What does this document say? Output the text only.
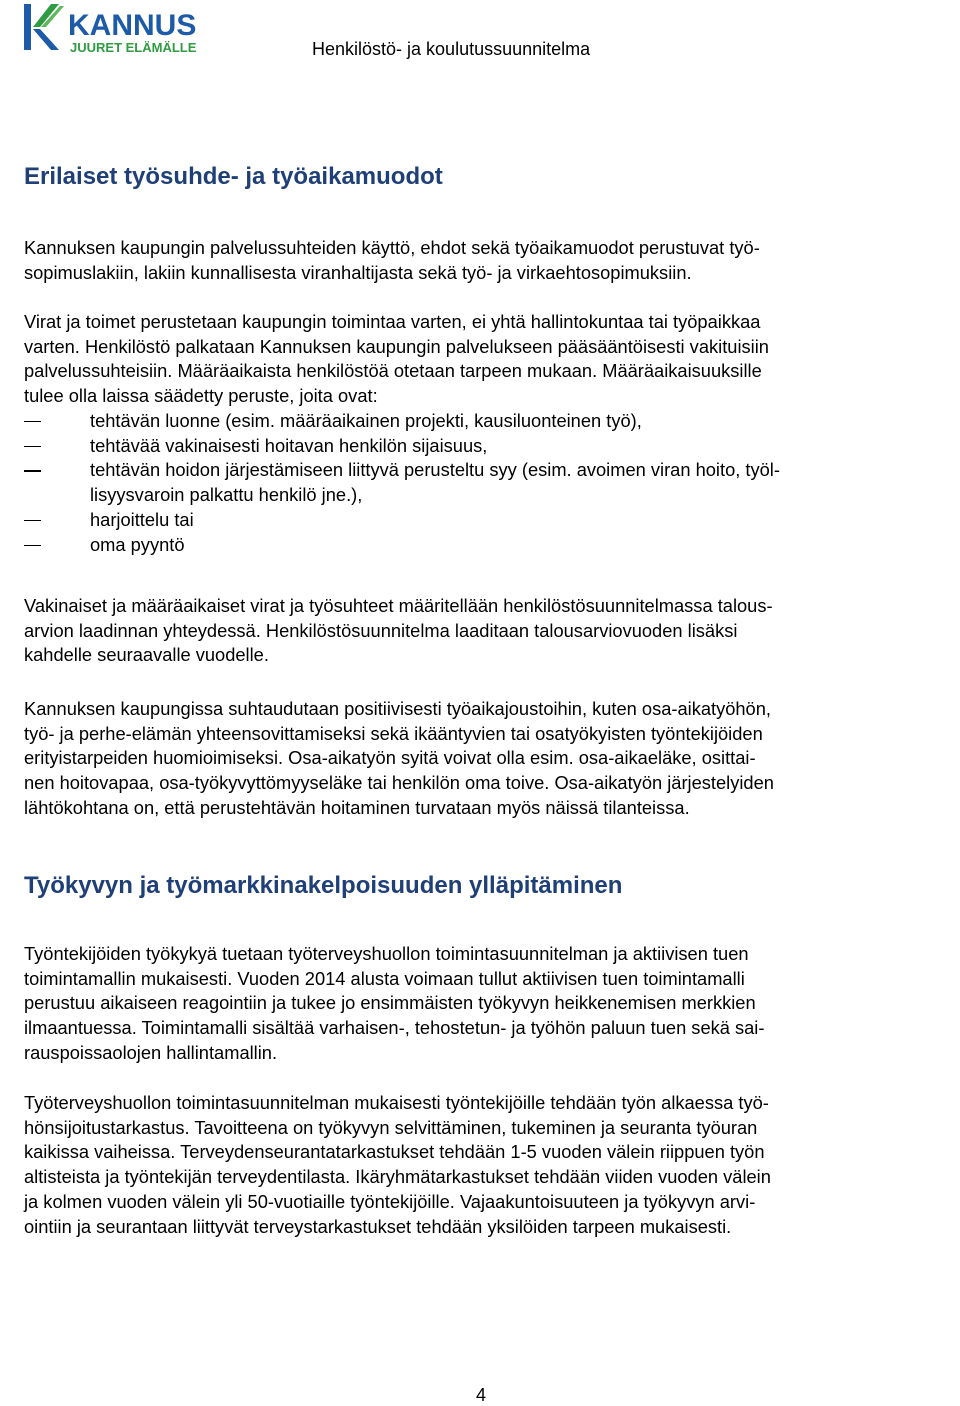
KANNUS
JUURET ELÄMÄLLE	Henkilöstö- ja koulutussuunnitelma
Erilaiset työsuhde- ja työaikamuodot

Kannuksen kaupungin palvelussuhteiden käyttö, ehdot sekä työaikamuodot perustuvat työ-
sopimuslakiin, lakiin kunnallisesta viranhaltijasta sekä työ- ja virkaehtosopimuksiin.

Virat ja toimet perustetaan kaupungin toimintaa varten, ei yhtä hallintokuntaa tai työpaikkaa
varten. Henkilöstö palkataan Kannuksen kaupungin palvelukseen pääsääntöisesti vakituisiin
palvelussuhteisiin. Määräaikaista henkilöstöä otetaan tarpeen mukaan. Määräaikaisuuksille
tulee olla laissa säädetty peruste, joita ovat:

tehtävän luonne (esim. määräaikainen projekti, kausiluonteinen työ),
tehtävää vakinaisesti hoitavan henkilön sijaisuus,
tehtävän hoidon järjestämiseen liittyvä perusteltu syy (esim. avoimen viran hoito, työl-
lisyysvaroin palkattu henkilö jne.),
harjoittelu tai
oma pyyntö

Vakinaiset ja määräaikaiset virat ja työsuhteet määritellään henkilöstösuunnitelmassa talous-
arvion laadinnan yhteydessä. Henkilöstösuunnitelma laaditaan talousarviovuoden lisäksi
kahdelle seuraavalle vuodelle.

Kannuksen kaupungissa suhtaudutaan positiivisesti työaikajoustoihin, kuten osa-aikatyöhön,
työ- ja perhe-elämän yhteensovittamiseksi sekä ikääntyvien tai osatyökyisten työntekijöiden
erityistarpeiden huomioimiseksi. Osa-aikatyön syitä voivat olla esim. osa-aikaeläke, osittai-
nen hoitovapaa, osa-työkyvyttömyyseläke tai henkilön oma toive. Osa-aikatyön järjestelyiden
lähtökohtana on, että perustehtävän hoitaminen turvataan myös näissä tilanteissa.

Työkyvyn ja työmarkkinakelpoisuuden ylläpitäminen

Työntekijöiden työkykyä tuetaan työterveyshuollon toimintasuunnitelman ja aktiivisen tuen
toimintamallin mukaisesti. Vuoden 2014 alusta voimaan tullut aktiivisen tuen toimintamalli
perustuu aikaiseen reagointiin ja tukee jo ensimmäisten työkyvyn heikkenemisen merkkien
ilmaantuessa. Toimintamalli sisältää varhaisen-, tehostetun- ja työhön paluun tuen sekä sai-
rauspoissaolojen hallintamallin.

Työterveyshuollon toimintasuunnitelman mukaisesti työntekijöille tehdään työn alkaessa työ-
hönsijoitustarkastus. Tavoitteena on työkyvyn selvittäminen, tukeminen ja seuranta työuran
kaikissa vaiheissa. Terveydenseurantatarkastukset tehdään 1-5 vuoden välein riippuen työn
altisteista ja työntekijän terveydentilasta. Ikäryhmätarkastukset tehdään viiden vuoden välein
ja kolmen vuoden välein yli 50-vuotiaille työntekijöille. Vajaakuntoisuuteen ja työkyvyn arvi-
ointiin ja seurantaan liittyvät terveystarkastukset tehdään yksilöiden tarpeen mukaisesti.

4
